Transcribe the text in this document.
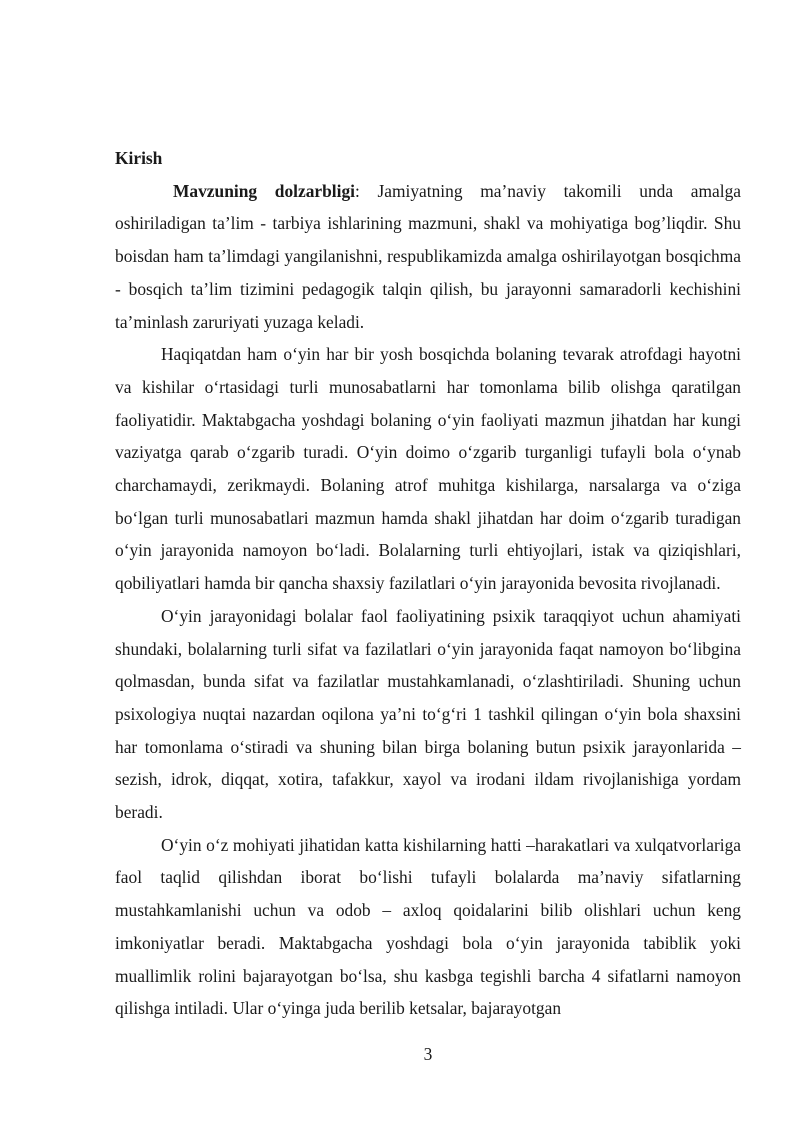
Kirish

Mavzuning dolzarbligi: Jamiyatning ma’naviy takomili unda amalga oshiriladigan ta’lim - tarbiya ishlarining mazmuni, shakl va mohiyatiga bog’liqdir. Shu boisdan ham ta’limdagi yangilanishni, respublikamizda amalga oshirilayotgan bosqichma - bosqich ta’lim tizimini pedagogik talqin qilish, bu jarayonni samaradorli kechishini ta’minlash zaruriyati yuzaga keladi.

Haqiqatdan ham o‘yin har bir yosh bosqichda bolaning tevarak atrofdagi hayotni va kishilar o‘rtasidagi turli munosabatlarni har tomonlama bilib olishga qaratilgan faoliyatidir. Maktabgacha yoshdagi bolaning o‘yin faoliyati mazmun jihatdan har kungi vaziyatga qarab o‘zgarib turadi. O‘yin doimo o‘zgarib turganligi tufayli bola o‘ynab charchamaydi, zerikmaydi. Bolaning atrof muhitga kishilarga, narsalarga va o‘ziga bo‘lgan turli munosabatlari mazmun hamda shakl jihatdan har doim o‘zgarib turadigan o‘yin jarayonida namoyon bo‘ladi. Bolalarning turli ehtiyojlari, istak va qiziqishlari, qobiliyatlari hamda bir qancha shaxsiy fazilatlari o‘yin jarayonida bevosita rivojlanadi.

O‘yin jarayonidagi bolalar faol faoliyatining psixik taraqqiyot uchun ahamiyati shundaki, bolalarning turli sifat va fazilatlari o‘yin jarayonida faqat namoyon bo‘libgina qolmasdan, bunda sifat va fazilatlar mustahkamlanadi, o‘zlashtiriladi. Shuning uchun psixologiya nuqtai nazardan oqilona ya’ni to‘g‘ri 1 tashkil qilingan o‘yin bola shaxsini har tomonlama o‘stiradi va shuning bilan birga bolaning butun psixik jarayonlarida –sezish, idrok, diqqat, xotira, tafakkur, xayol va irodani ildam rivojlanishiga yordam beradi.

O‘yin o‘z mohiyati jihatidan katta kishilarning hatti –harakatlari va xulqatvorlariga faol taqlid qilishdan iborat bo‘lishi tufayli bolalarda ma’naviy sifatlarning mustahkamlanishi uchun va odob – axloq qoidalarini bilib olishlari uchun keng imkoniyatlar beradi. Maktabgacha yoshdagi bola o‘yin jarayonida tabiblik yoki muallimlik rolini bajarayotgan bo‘lsa, shu kasbga tegishli barcha 4 sifatlarni namoyon qilishga intiladi. Ular o‘yinga juda berilib ketsalar, bajarayotgan

3
